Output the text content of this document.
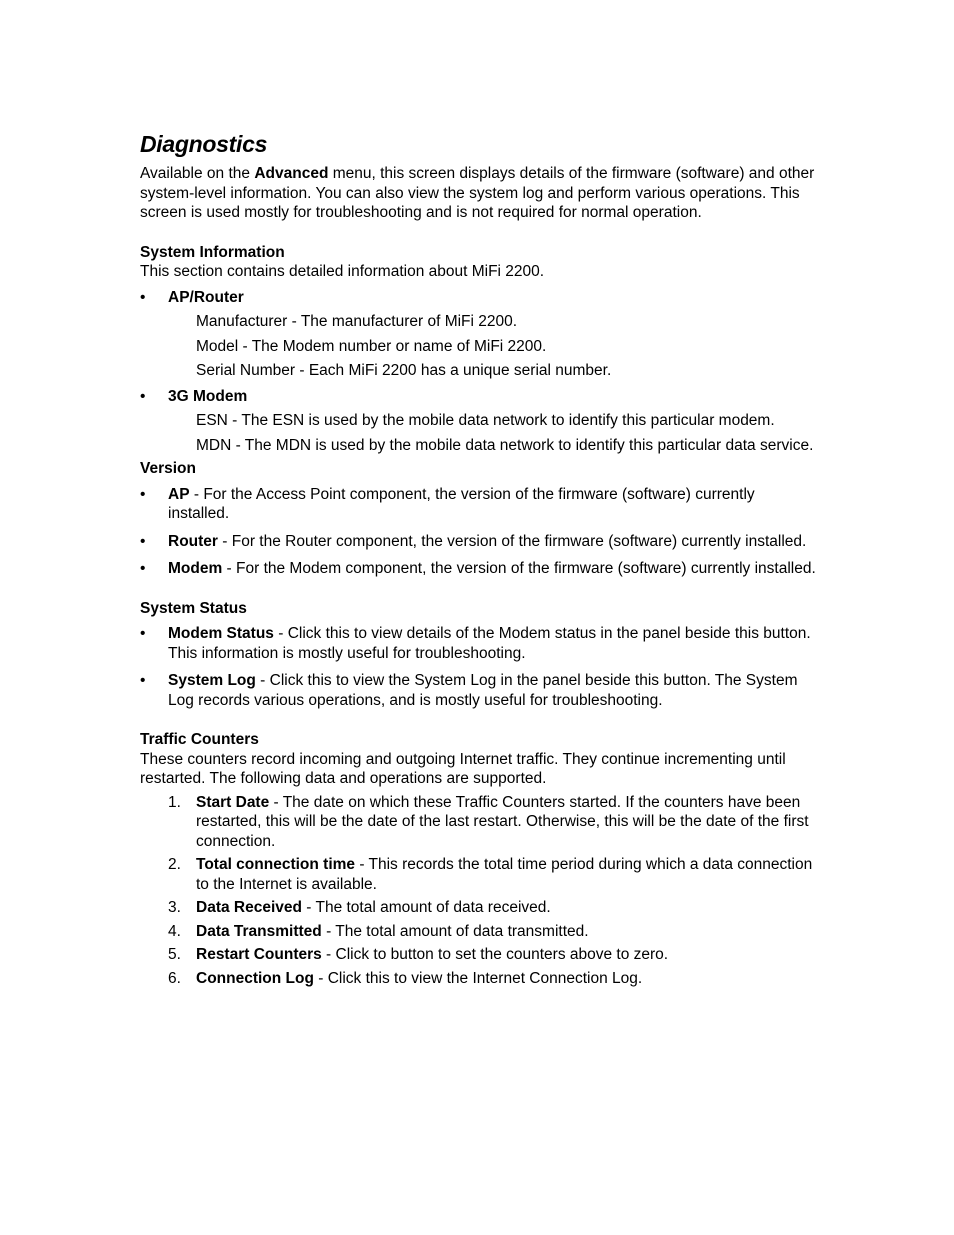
Diagnostics

Available on the Advanced menu, this screen displays details of the firmware (software) and other system-level information. You can also view the system log and perform various operations. This screen is used mostly for troubleshooting and is not required for normal operation.

System Information

This section contains detailed information about MiFi 2200.

• AP/Router

Manufacturer - The manufacturer of MiFi 2200.

Model - The Modem number or name of MiFi 2200.

Serial Number - Each MiFi 2200 has a unique serial number.

• 3G Modem

ESN - The ESN is used by the mobile data network to identify this particular modem.

MDN - The MDN is used by the mobile data network to identify this particular data service.

Version

• AP - For the Access Point component, the version of the firmware (software) currently installed.
• Router - For the Router component, the version of the firmware (software) currently installed.
• Modem - For the Modem component, the version of the firmware (software) currently installed.

System Status

• Modem Status - Click this to view details of the Modem status in the panel beside this button. This information is mostly useful for troubleshooting.
• System Log - Click this to view the System Log in the panel beside this button. The System Log records various operations, and is mostly useful for troubleshooting.

Traffic Counters

These counters record incoming and outgoing Internet traffic. They continue incrementing until restarted. The following data and operations are supported.

1. Start Date - The date on which these Traffic Counters started. If the counters have been restarted, this will be the date of the last restart. Otherwise, this will be the date of the first connection.
2. Total connection time - This records the total time period during which a data connection to the Internet is available.
3. Data Received - The total amount of data received.
4. Data Transmitted - The total amount of data transmitted.
5. Restart Counters - Click to button to set the counters above to zero.
6. Connection Log - Click this to view the Internet Connection Log.
